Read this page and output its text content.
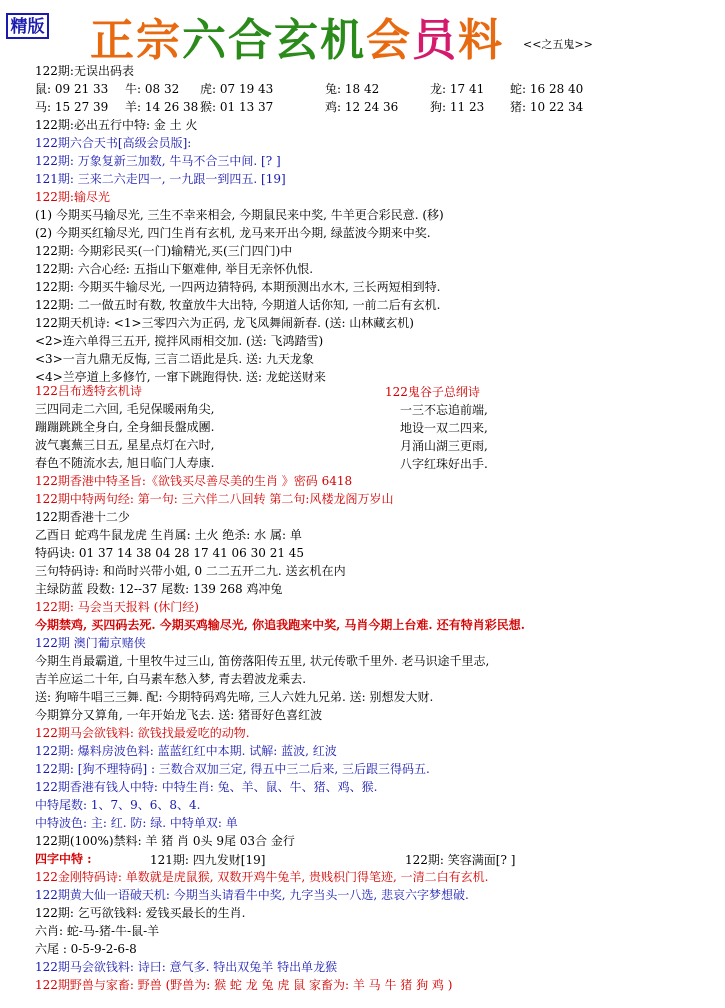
精版 正宗六合玄机会员料 <<之五鬼>>
122期:无误出码表
鼠: 09 21 33 牛: 08 32 虎: 07 19 43	兔: 18 42	龙: 17 41 蛇: 16 28 40
马: 15 27 39 羊: 14 26 38 猴: 01 13 37	鸡: 12 24 36	狗: 11 23 猪: 10 22 34
122期:必出五行中特: 金 土 火
122期六合天书[高级会员版]:
122期: 万象复新三加数, 牛马不合三中间. [? ]
121期: 三来二六走四一, 一九跟一到四五. [19]
122期:输尽光
(1) 今期买马输尽光, 三生不幸来相会, 今期鼠民来中奖, 牛羊更合彩民意. (移)
(2) 今期买红输尽光, 四门生肖有玄机, 龙马来开出今期, 绿蓝波今期来中奖.
122期: 今期彩民买(一门)输精光,买(三门四门)中
122期: 六合心经: 五指山下躯难伸, 举目无亲怀仇恨.
122期: 今期买牛输尽光, 一四两边猜特码, 本期预测出水木, 三长两短相到特.
122期: 二一做五时有数, 牧童放牛大出特, 今期道人话你知, 一前二后有玄机.
122期天机诗: <1>三零四六为正码, 龙飞凤舞闹新春. (送: 山林藏玄机)
<2>连六单得三五开, 搅拌风雨相交加. (送: 飞鸿踏雪)
<3>一言九鼎无反悔, 三言二语此是兵. 送: 九天龙象
<4>兰亭道上多修竹, 一窜下跳跑得快. 送: 龙蛇送财来
122吕布透特玄机诗	122鬼谷子总纲诗
三四同走二六回, 毛兒保暖兩角尖,
蹦蹦跳跳全身白, 全身細長盤成團.
波气裏蕪三日五, 星星点灯在六时,
春色不随流水去, 旭日临门人寿康.
一三不忘追前端,
地设一双二四来,
月涌山湖三更雨,
八字红珠好出手.
122期香港中特圣旨:《欲钱买尽善尽美的生肖 》密码 6418
122期中特两句经: 第一句: 三六伴二八回转 第二句:风楼龙阁万岁山
122期香港十二少
乙酉日 蛇鸡牛鼠龙虎 生肖属: 土火 绝杀: 水 属: 单
特码诀: 01 37 14 38 04 28 17 41 06 30 21 45
三句特码诗: 和尚时兴带小姐, 0 二二五开二九. 送玄机在内
主绿防蓝 段数: 12--37 尾数: 139 268 鸡冲兔
122期: 马会当天报料 (休门经)
今期禁鸡, 买四码去死. 今期买鸡输尽光, 你追我跑来中奖, 马肖今期上台难. 还有特肖彩民想.
122期 澳门葡京赌侠
今期生肖最霸道, 十里牧牛过三山, 笛傍落阳传五里, 状元传歌千里外. 老马识途千里志,
吉羊应运二十年, 白马素车愁入梦, 青去碧波龙乘去.
送: 狗啼牛唱三三舞. 配: 今期特码鸡先啼, 三人六姓九兄弟. 送: 别想发大财.
今期算分又算角, 一年开始龙飞去. 送: 猪哥好色喜红波
122期马会欲钱料: 欲钱找最爱吃的动物.
122期: 爆料房波色料: 蓝蓝红红中本期. 试解: 蓝波, 红波
122期: [狗不理特码] : 三数合双加三定, 得五中三二后来, 三后跟三得码五.
122期香港有钱人中特: 中特生肖: 兔、羊、鼠、牛、猪、鸡、猴.
中特尾数: 1、7、9、6、8、4.
中特波色: 主: 红. 防: 绿. 中特单双: 单
122期(100%)禁料: 羊 猪 肖 0头 9尾 03合 金行
四字中特 :	121期: 四九发财[19]	122期: 笑容满面[? ]
122金刚特码诗: 单数就是虎鼠猴, 双数开鸡牛兔羊, 贵贱枳门得笔迹, 一清二白有玄机.
122期黄大仙一语破天机: 今期当头请看牛中奖, 九字当头一八选, 悲哀六字梦想破.
122期: 乞丐欲钱料: 爱钱买最长的生肖.
六肖: 蛇-马-猪-牛-鼠-羊
六尾 : 0-5-9-2-6-8
122期马会欲钱料: 诗曰: 意气多. 特出双兔羊 特出单龙猴
122期野兽与家畜: 野兽 (野兽为: 猴 蛇 龙 兔 虎 鼠 家畜为: 羊 马 牛 猪 狗 鸡 )
